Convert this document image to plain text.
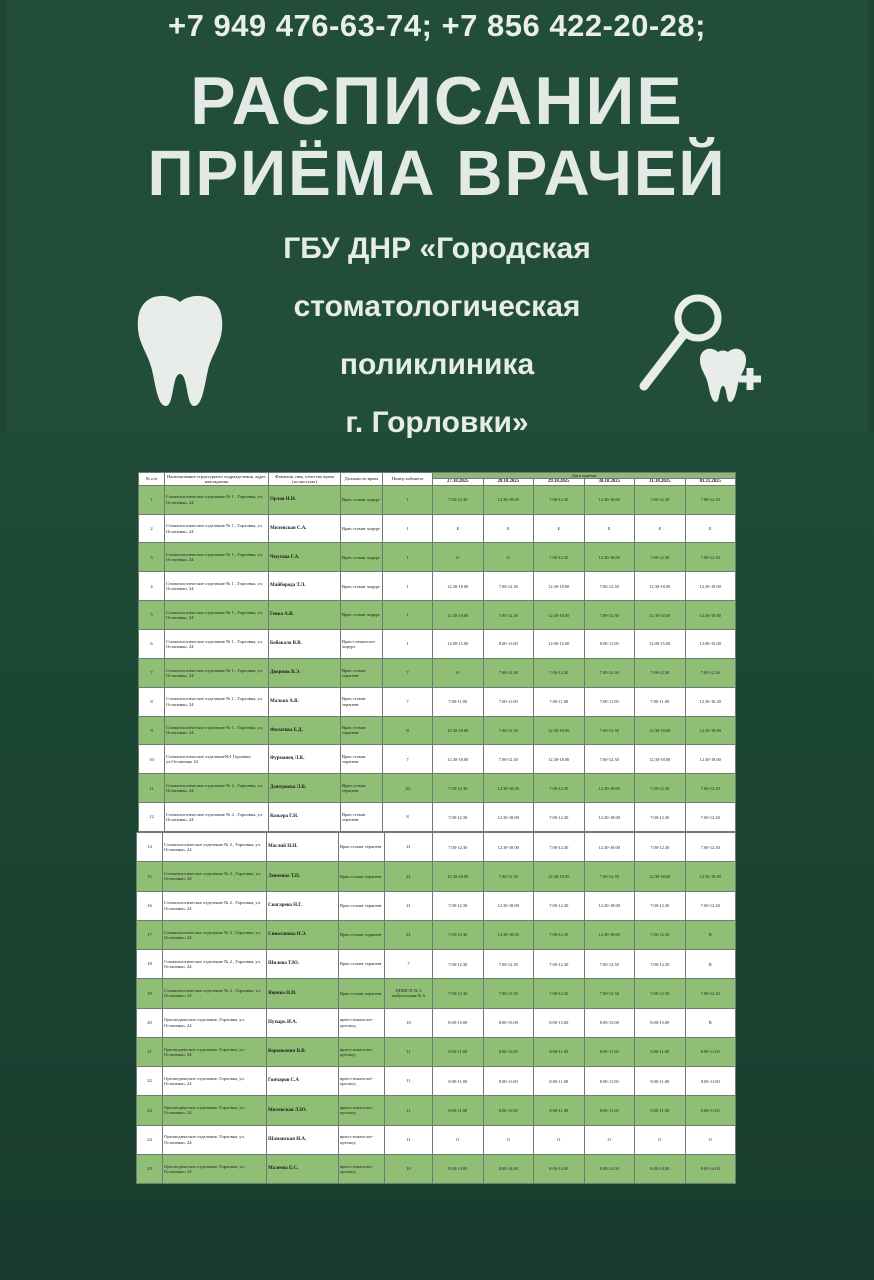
+7 949 476-63-74; +7 856 422-20-28;
РАСПИСАНИЕ
ПРИЁМА ВРАЧЕЙ
ГБУ ДНР «Городская
стоматологическая
поликлиника
г. Горловки»
№ п/п	Наименование структурного подразделения, адрес нахождения	Фамилия, имя, отчество врача (полностью)	Должность врача	Номер кабинета	Дата приема					
					27.10.2025	28.10.2025	29.10.2025	30.10.2025	31.10.2025	01.11.2025
1	Стоматологическое отделение № 1 , Горловка, ул. Остапенко, 24	Орлов Н.Н.	Врач стомат хирург	1	7.00-12.30	12.30-18.00	7.00-12.30	12.30-18.00	7.00-12.30	7.00-12.30
2	Стоматологическое отделение № 1 , Горловка, ул. Остапенко, 24	Милевская С.А.	Врач стомат хирург	1	Б	Б	Б	Б	Б	Б
3	Стоматологическое отделение № 1 , Горловка, ул. Остапенко, 24	Чмутова Г.А.	Врач стомат хирург	1	О	О	7.00-12.30	12.30-18.00	7.00-12.30	7.00-12.30
4	Стоматологическое отделение № 1 , Горловка, ул. Остапенко, 24	Майборода Т.Л.	Врач стомат хирург	1	12.30-18.00	7.00-12.30	12.30-18.00	7.00-12.30	12.30-18.00	12.30-18.00
5	Стоматологическое отделение № 1 , Горловка, ул. Остапенко, 24	Гевка А.В.	Врач стомат хирург	1	12.30-18.00	7.00-12.30	12.30-18.00	7.00-12.30	12.30-18.00	12.30-18.00
6	Стоматологическое отделение № 1 , Горловка, ул. Остапенко, 24	Бобокало В.В.	Врач-стоматолог-хирург	1	12.00-15.00	8.00-11.00	12.00-15.00	8.00-11.00	12.00-15.00	12.00-15.00
7	Стоматологическое отделение № 1 , Горловка, ул. Остапенко, 24	Дворник В.Э.	Врач стомат терапевт	7	О	7.00-12.30	7.00-12.30	7.00-12.30	7.00-12.30	7.00-12.30
8	Стоматологическое отделение № 1 , Горловка, ул. Остапенко, 24	Малько А.В.	Врач стомат терапевт	7	7.00-11.00	7.00-11.00	7.00-11.00	7.00-11.00	7.00-11.00	12.30-16.30
9	Стоматологическое отделение № 1 , Горловка, ул. Остапенко, 24	Филатова Е.Д.	Врач стомат терапевт	8	12.30-18.00	7.00-12.30	12.30-18.00	7.00-12.30	12.30-18.00	12.30-18.00
10	Стоматологическое отделение№1 Горловка ул.Остапенко 24	Фурманец Л.К.	Врач стомат терапевт	7	12.30-18.00	7.00-12.30	12.30-18.00	7.00-12.30	12.30-18.00	12.30-18.00
11	Стоматологическое отделение № 2 , Горловка, ул. Остапенко, 24	Дмитриева Л.В.	Врач стомат терапевт	20	7.00-12.30	12.30-18.00	7.00-12.30	12.30-18.00	7.00-12.30	7.00-12.30
12	Стоматологическое отделение № 2 , Горловка, ул. Остапенко, 24	Козьера Г.Н.	Врач стомат терапевт	8	7.00-12.30	12.30-18.00	7.00-12.30	12.30-18.00	7.00-12.30	7.00-12.30
14	Стоматологическое отделение № 2 , Горловка, ул. Остапенко, 24	Маслий Н.Н.	Врач стомат терапевт	21	7.00-12.30	12.30-18.00	7.00-12.30	12.30-18.00	7.00-12.30	7.00-12.30
15	Стоматологическое отделение № 2 , Горловка, ул. Остапенко, 24	Левченко Т.П.	Врач стомат терапевт	21	12.30-18.00	7.00-12.30	12.30-18.00	7.00-12.30	12.30-18.00	12.30-18.00
16	Стоматологическое отделение № 2 , Горловка, ул. Остапенко, 24	Скогарева Н.Г.	Врач стомат терапевт	21	7.00-12.30	12.30-18.00	7.00-12.30	12.30-18.00	7.00-12.30	7.00-12.30
17	Стоматологическое отделение № 2 , Горловка, ул. Остапенко, 24	Синолапова Н.Э.	Врач стомат терапевт	21	7.00-12.30	12.30-18.00	7.00-12.30	12.30-18.00	7.00-12.30	В
18	Стоматологическое отделение № 2 , Горловка, ул. Остапенко, 24	Шилова Т.Ю.	Врач стомат терапевт	7	7.00-12.30	7.00-12.30	7.00-12.30	7.00-12.30	7.00-12.30	В
19	Стоматологическое отделение № 2 , Горловка, ул. Остапенко, 24	Яценко Н.И.	Врач стомат терапевт	ЦПМСП № 2 амбулатория № 6	7.00-12.30	7.00-12.30	7.00-12.30	7.00-12.30	7.00-12.30	7.00-12.30
20	Ортопедическое отделение, Горловка, ул. Остапенко, 24	Пузырь И.А.	врач-стоматолог-ортопед	10	8.00-15.00	8.00-15.00	8.00-15.00	8.00-15.00	8.00-15.00	В
21	Ортопедическое отделение, Горловка, ул. Остапенко, 24	Воронкевич В.В.	врач-стоматолог-ортопед	11	8.00-11.00	8.00-11.00	8.00-11.00	8.00-11.00	8.00-11.00	8.00-11.00
22	Ортопедическое отделение, Горловка, ул. Остапенко, 24	Гончаров С.А	врач-стоматолог-ортопед	11	8.00-11.00	8.00-11.00	8.00-11.00	8.00-11.00	8.00-11.00	8.00-11.00
23	Ортопедическое отделение, Горловка, ул. Остапенко, 24	Милевская Л.Ю.	врач-стоматолог-ортопед	11	8.00-11.00	8.00-11.00	8.00-11.00	8.00-11.00	8.00-11.00	8.00-11.00
24	Ортопедическое отделение, Горловка, ул. Остапенко, 24	Шаманская И.А.	врач-стоматолог-ортопед	11	О	О	О	О	О	О
25	Ортопедическое отделение, Горловка, ул. Остапенко, 24	Малеева Е.С.	врач-стоматолог-ортопед	10	8.00-14.00	8.00-14.00	8.00-14.00	8.00-14.00	8.00-14.00	8.00-14.00
